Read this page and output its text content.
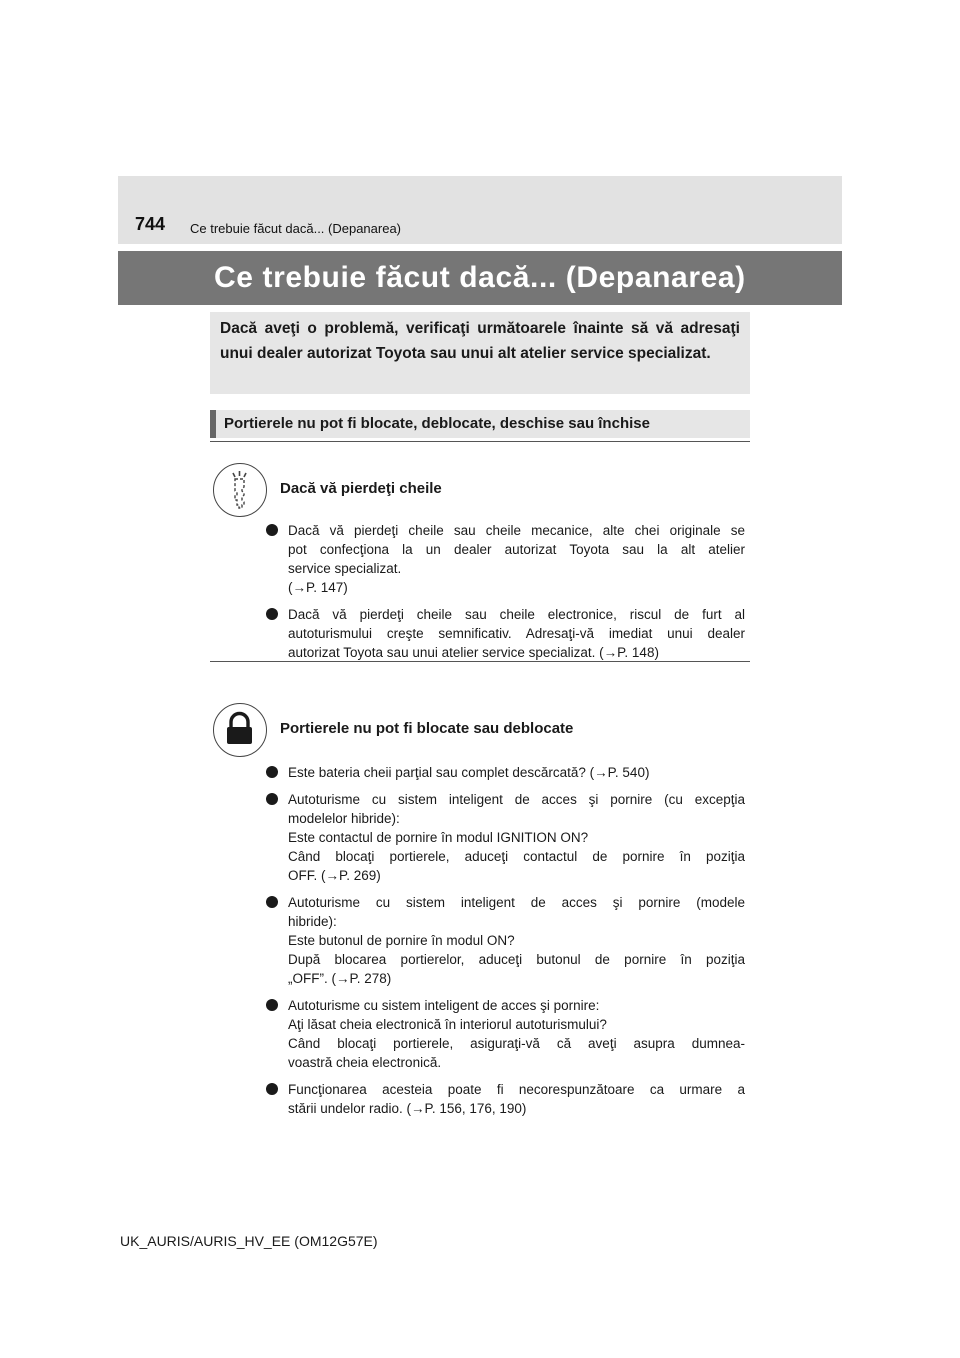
744 Ce trebuie făcut dacă... (Depanarea)
Ce trebuie făcut dacă... (Depanarea)
Dacă aveţi o problemă, verificaţi următoarele înainte să vă adresaţi unui dealer autorizat Toyota sau unui alt atelier service specializat.
Portierele nu pot fi blocate, deblocate, deschise sau închise
Dacă vă pierdeţi cheile
Dacă vă pierdeţi cheile sau cheile mecanice, alte chei originale se
pot confecţiona la un dealer autorizat Toyota sau la alt atelier
service specializat.
(→P. 147)
Dacă vă pierdeţi cheile sau cheile electronice, riscul de furt al
autoturismului creşte semnificativ. Adresaţi-vă imediat unui dealer
autorizat Toyota sau unui atelier service specializat. (→P. 148)
Portierele nu pot fi blocate sau deblocate
Este bateria cheii parţial sau complet descărcată? (→P. 540)
Autoturisme cu sistem inteligent de acces şi pornire (cu excepţia
modelelor hibride):
Este contactul de pornire în modul IGNITION ON?
Când blocaţi portierele, aduceţi contactul de pornire în poziţia
OFF. (→P. 269)
Autoturisme cu sistem inteligent de acces şi pornire (modele
hibride):
Este butonul de pornire în modul ON?
După blocarea portierelor, aduceţi butonul de pornire în poziţia
„OFF”. (→P. 278)
Autoturisme cu sistem inteligent de acces şi pornire:
Aţi lăsat cheia electronică în interiorul autoturismului?
Când blocaţi portierele, asiguraţi-vă că aveţi asupra dumnea-
voastră cheia electronică.
Funcţionarea acesteia poate fi necorespunzătoare ca urmare a
stării undelor radio. (→P. 156, 176, 190)
UK_AURIS/AURIS_HV_EE (OM12G57E)
